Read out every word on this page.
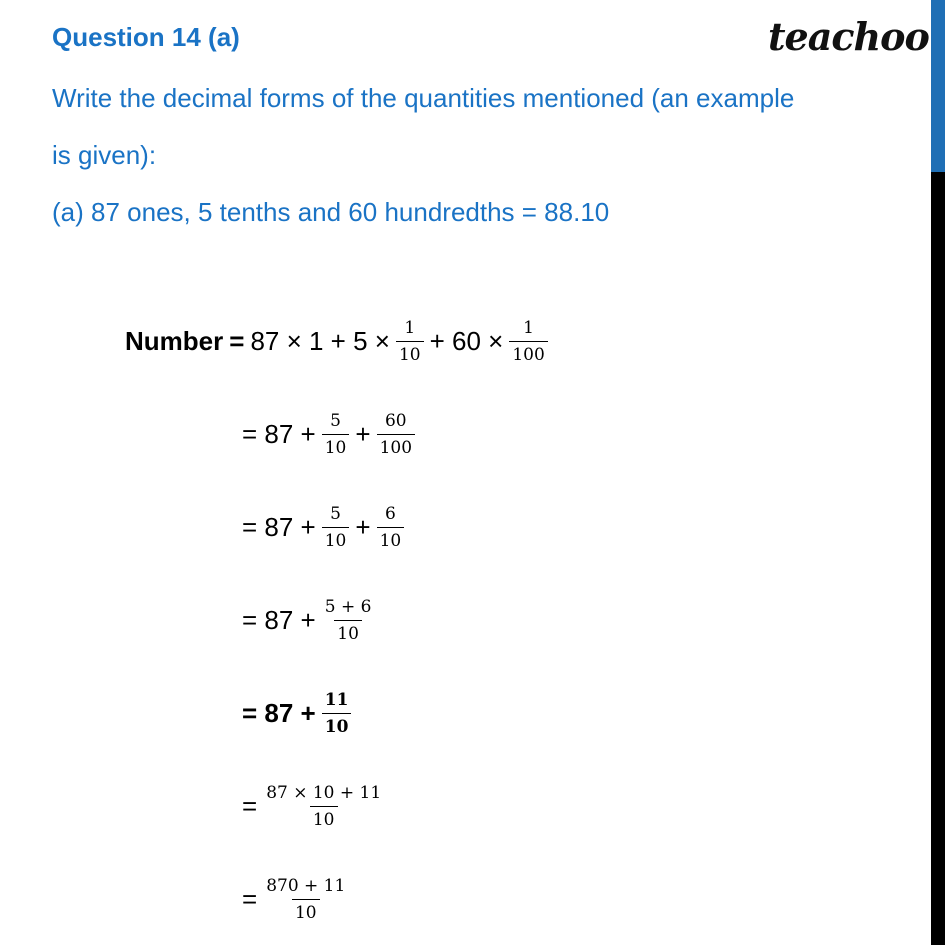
Question 14 (a)	teachoo
Write the decimal forms of the quantities mentioned (an example
is given):
(a) 87 ones, 5 tenths and 60 hundredths = 88.10
Number = $87 \times 1 + 5 \times \frac{1}{10} + 60 \times \frac{1}{100}$
= $87 + \frac{5}{10} + \frac{60}{100}$
= $87 + \frac{5}{10} + \frac{6}{10}$
= $87 + \frac{5 + 6}{10}$
= $87 + \frac{11}{10}$
= $\frac{87 \times 10 + 11}{10}$
= $\frac{870 + 11}{10}$
